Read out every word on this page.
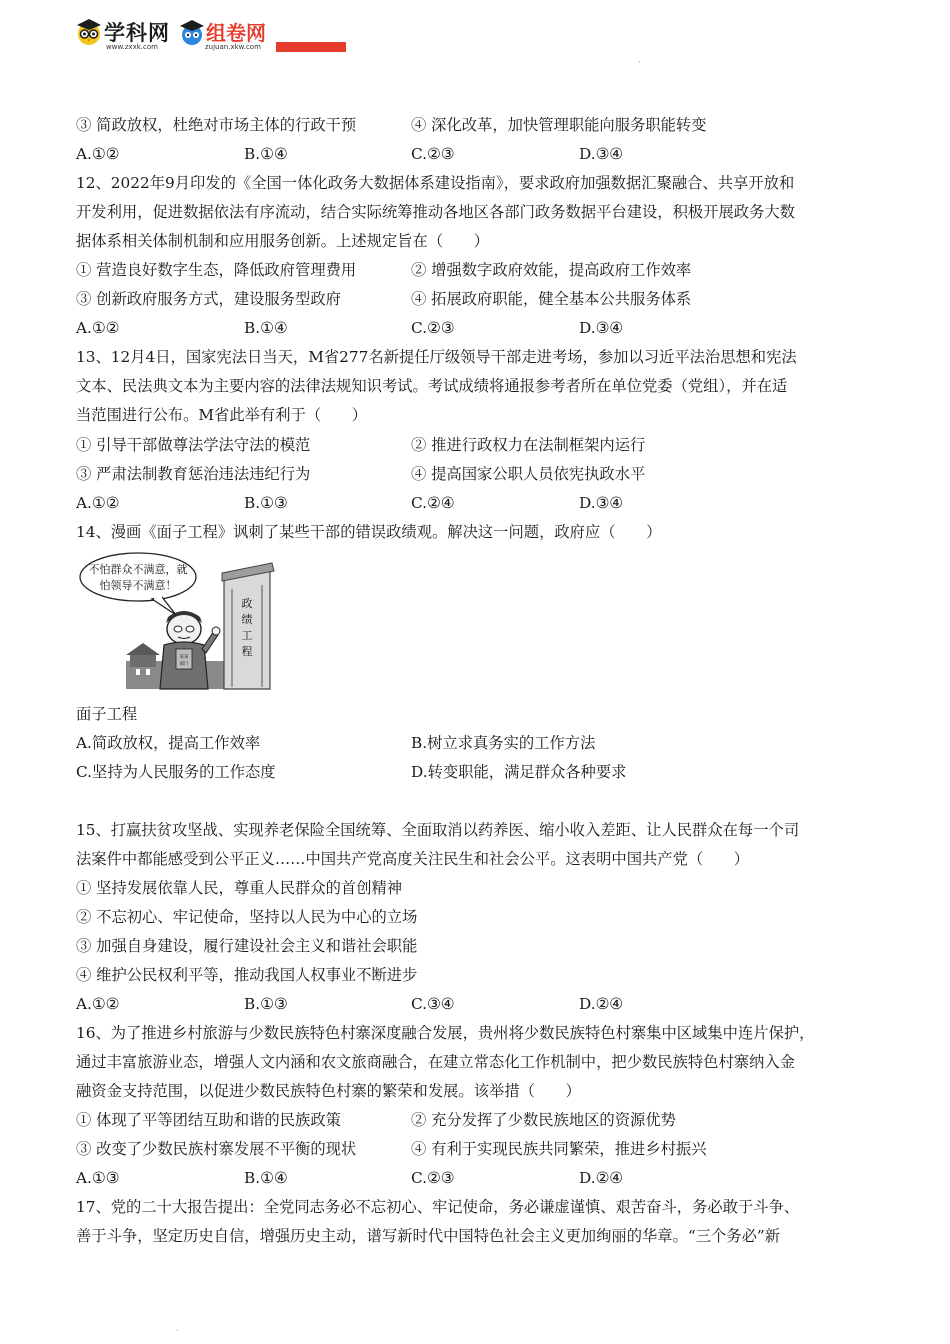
学科网
www.zxxk.com
组卷网
zujuan.xkw.com
·
③ 简政放权，杜绝对市场主体的行政干预	④ 深化改革，加快管理职能向服务职能转变
A.①②	B.①④	C.②③	D.③④
12、2022年9月印发的《全国一体化政务大数据体系建设指南》，要求政府加强数据汇聚融合、共享开放和
开发利用，促进数据依法有序流动，结合实际统筹推动各地区各部门政务数据平台建设，积极开展政务大数
据体系相关体制机制和应用服务创新。上述规定旨在（　　）
① 营造良好数字生态，降低政府管理费用	② 增强数字政府效能，提高政府工作效率
③ 创新政府服务方式，建设服务型政府	④ 拓展政府职能，健全基本公共服务体系
A.①②	B.①④	C.②③	D.③④
13、12月4日，国家宪法日当天，M省277名新提任厅级领导干部走进考场，参加以习近平法治思想和宪法
文本、民法典文本为主要内容的法律法规知识考试。考试成绩将通报参考者所在单位党委（党组），并在适
当范围进行公布。M省此举有利于（　　）
① 引导干部做尊法学法守法的模范	② 推进行政权力在法制框架内运行
③ 严肃法制教育惩治违法违纪行为	④ 提高国家公职人员依宪执政水平
A.①②	B.①③	C.②④	D.③④
14、漫画《面子工程》讽刺了某些干部的错误政绩观。解决这一问题，政府应（　　）
政
绩
工
程
某某
部门
不怕群众不满意，就
怕领导不满意！
面子工程
A.简政放权，提高工作效率	B.树立求真务实的工作方法
C.坚持为人民服务的工作态度	D.转变职能，满足群众各种要求
15、打赢扶贫攻坚战、实现养老保险全国统筹、全面取消以药养医、缩小收入差距、让人民群众在每一个司
法案件中都能感受到公平正义……中国共产党高度关注民生和社会公平。这表明中国共产党（　　）
① 坚持发展依靠人民，尊重人民群众的首创精神
② 不忘初心、牢记使命，坚持以人民为中心的立场
③ 加强自身建设，履行建设社会主义和谐社会职能
④ 维护公民权利平等，推动我国人权事业不断进步
A.①②	B.①③	C.③④	D.②④
16、为了推进乡村旅游与少数民族特色村寨深度融合发展，贵州将少数民族特色村寨集中区域集中连片保护，
通过丰富旅游业态，增强人文内涵和农文旅商融合，在建立常态化工作机制中，把少数民族特色村寨纳入金
融资金支持范围，以促进少数民族特色村寨的繁荣和发展。该举措（　　）
① 体现了平等团结互助和谐的民族政策	② 充分发挥了少数民族地区的资源优势
③ 改变了少数民族村寨发展不平衡的现状	④ 有利于实现民族共同繁荣，推进乡村振兴
A.①③	B.①④	C.②③	D.②④
17、党的二十大报告提出：全党同志务必不忘初心、牢记使命，务必谦虚谨慎、艰苦奋斗，务必敢于斗争、
善于斗争，坚定历史自信，增强历史主动，谱写新时代中国特色社会主义更加绚丽的华章。“三个务必”新
·
